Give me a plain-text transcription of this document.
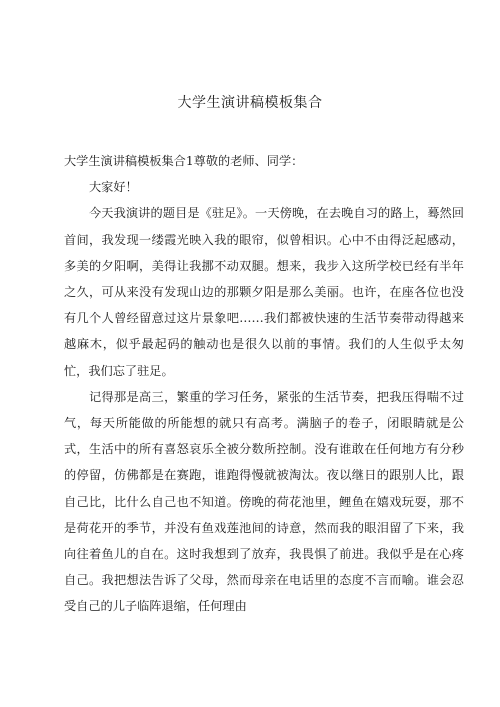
大学生演讲稿模板集合

大学生演讲稿模板集合1尊敬的老师、同学：

大家好！

今天我演讲的题目是《驻足》。一天傍晚，在去晚自习的路上，蓦然回首间，我发现一缕霞光映入我的眼帘，似曾相识。心中不由得泛起感动，多美的夕阳啊，美得让我挪不动双腿。想来，我步入这所学校已经有半年之久，可从来没有发现山边的那颗夕阳是那么美丽。也许，在座各位也没有几个人曾经留意过这片景象吧……我们都被快速的生活节奏带动得越来越麻木，似乎最起码的触动也是很久以前的事情。我们的人生似乎太匆忙，我们忘了驻足。

记得那是高三，繁重的学习任务，紧张的生活节奏，把我压得喘不过气，每天所能做的所能想的就只有高考。满脑子的卷子，闭眼睛就是公式，生活中的所有喜怒哀乐全被分数所控制。没有谁敢在任何地方有分秒的停留，仿佛都是在赛跑，谁跑得慢就被淘汰。夜以继日的跟别人比，跟自己比，比什么自己也不知道。傍晚的荷花池里，鲤鱼在嬉戏玩耍，那不是荷花开的季节，并没有鱼戏莲池间的诗意，然而我的眼泪留了下来，我向往着鱼儿的自在。这时我想到了放弃，我畏惧了前进。我似乎是在心疼自己。我把想法告诉了父母，然而母亲在电话里的态度不言而喻。谁会忍受自己的儿子临阵退缩，任何理由
